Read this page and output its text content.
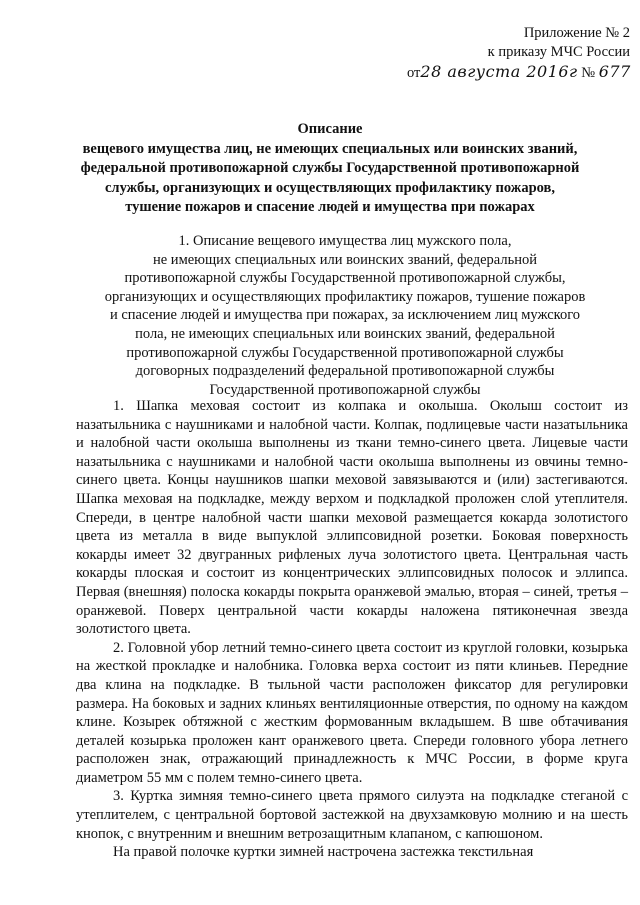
Приложение № 2
к приказу МЧС России
от28 августа 2016г № 677
Описание
вещевого имущества лиц, не имеющих специальных или воинских званий,
федеральной противопожарной службы Государственной противопожарной
службы, организующих и осуществляющих профилактику пожаров,
тушение пожаров и спасение людей и имущества при пожарах
1. Описание вещевого имущества лиц мужского пола,
не имеющих специальных или воинских званий, федеральной
противопожарной службы Государственной противопожарной службы,
организующих и осуществляющих профилактику пожаров, тушение пожаров
и спасение людей и имущества при пожарах, за исключением лиц мужского
пола, не имеющих специальных или воинских званий, федеральной
противопожарной службы Государственной противопожарной службы
договорных подразделений федеральной противопожарной службы
Государственной противопожарной службы

1. Шапка меховая состоит из колпака и околыша. Околыш состоит из назатыльника с наушниками и налобной части. Колпак, подлицевые части назатыльника и налобной части околыша выполнены из ткани темно-синего цвета. Лицевые части назатыльника с наушниками и налобной части околыша выполнены из овчины темно-синего цвета. Концы наушников шапки меховой завязываются и (или) застегиваются. Шапка меховая на подкладке, между верхом и подкладкой проложен слой утеплителя. Спереди, в центре налобной части шапки меховой размещается кокарда золотистого цвета из металла в виде выпуклой эллипсовидной розетки. Боковая поверхность кокарды имеет 32 двугранных рифленых луча золотистого цвета. Центральная часть кокарды плоская и состоит из концентрических эллипсовидных полосок и эллипса. Первая (внешняя) полоска кокарды покрыта оранжевой эмалью, вторая – синей, третья – оранжевой. Поверх центральной части кокарды наложена пятиконечная звезда золотистого цвета.

2. Головной убор летний темно-синего цвета состоит из круглой головки, козырька на жесткой прокладке и налобника. Головка верха состоит из пяти клиньев. Передние два клина на подкладке. В тыльной части расположен фиксатор для регулировки размера. На боковых и задних клиньях вентиляционные отверстия, по одному на каждом клине. Козырек обтяжной с жестким формованным вкладышем. В шве обтачивания деталей козырька проложен кант оранжевого цвета. Спереди головного убора летнего расположен знак, отражающий принадлежность к МЧС России, в форме круга диаметром 55 мм с полем темно-синего цвета.

3. Куртка зимняя темно-синего цвета прямого силуэта на подкладке стеганой с утеплителем, с центральной бортовой застежкой на двухзамковую молнию и на шесть кнопок, с внутренним и внешним ветрозащитным клапаном, с капюшоном.

На правой полочке куртки зимней настрочена застежка текстильная
